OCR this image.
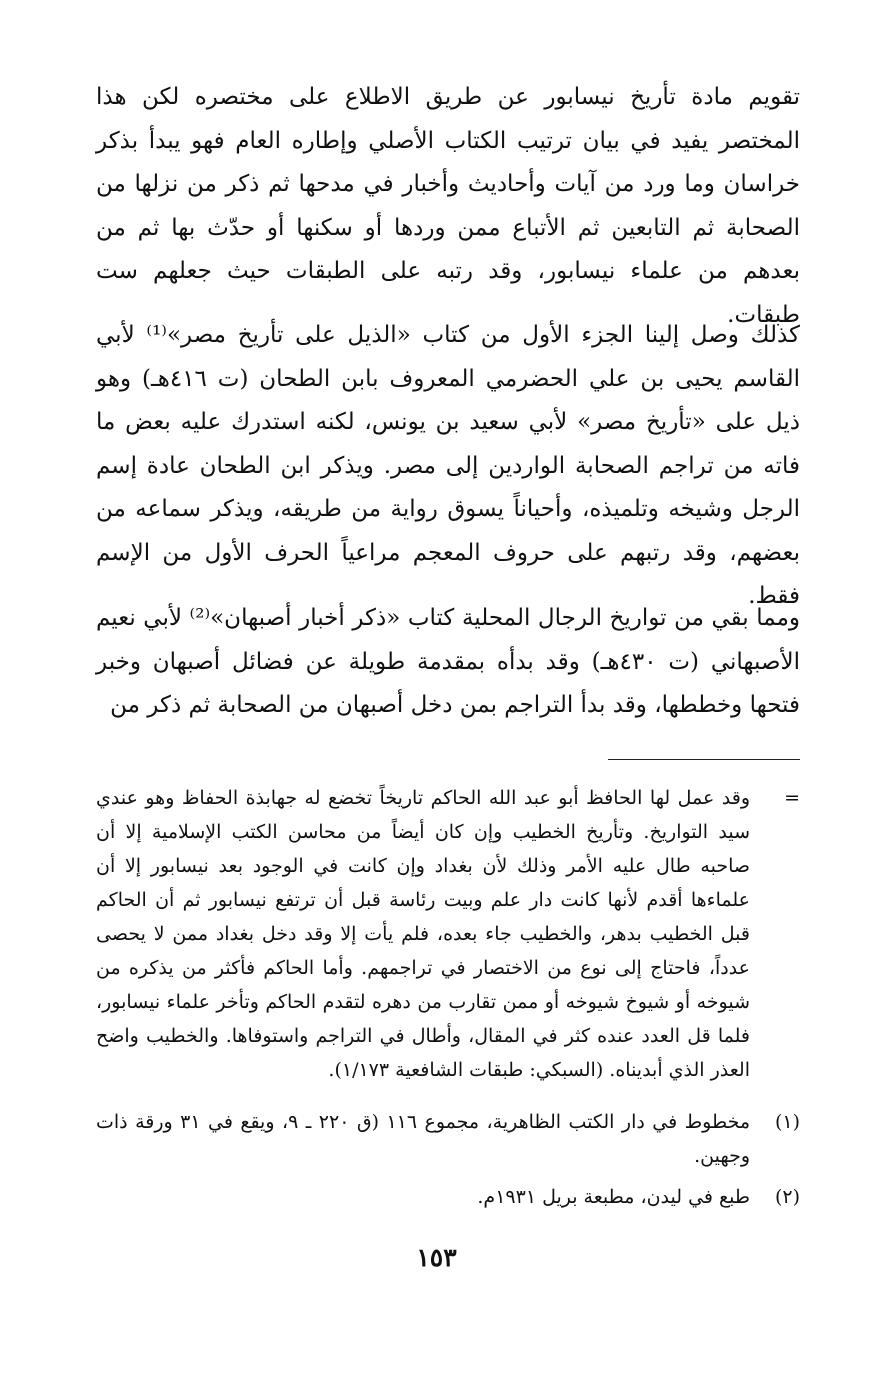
تقويم مادة تأريخ نيسابور عن طريق الاطلاع على مختصره لكن هذا المختصر يفيد في بيان ترتيب الكتاب الأصلي وإطاره العام فهو يبدأ بذكر خراسان وما ورد من آيات وأحاديث وأخبار في مدحها ثم ذكر من نزلها من الصحابة ثم التابعين ثم الأتباع ممن وردها أو سكنها أو حدّث بها ثم من بعدهم من علماء نيسابور، وقد رتبه على الطبقات حيث جعلهم ست طبقات.

كذلك وصل إلينا الجزء الأول من كتاب «الذيل على تأريخ مصر»⁽¹⁾ لأبي القاسم يحيى بن علي الحضرمي المعروف بابن الطحان (ت ٤١٦هـ) وهو ذيل على «تأريخ مصر» لأبي سعيد بن يونس، لكنه استدرك عليه بعض ما فاته من تراجم الصحابة الواردين إلى مصر. ويذكر ابن الطحان عادة إسم الرجل وشيخه وتلميذه، وأحياناً يسوق رواية من طريقه، ويذكر سماعه من بعضهم، وقد رتبهم على حروف المعجم مراعياً الحرف الأول من الإسم فقط.

ومما بقي من تواريخ الرجال المحلية كتاب «ذكر أخبار أصبهان»⁽²⁾ لأبي نعيم الأصبهاني (ت ٤٣٠هـ) وقد بدأه بمقدمة طويلة عن فضائل أصبهان وخبر فتحها وخططها، وقد بدأ التراجم بمن دخل أصبهان من الصحابة ثم ذكر من

=
وقد عمل لها الحافظ أبو عبد الله الحاكم تاريخاً تخضع له جهابذة الحفاظ وهو عندي سيد التواريخ. وتأريخ الخطيب وإن كان أيضاً من محاسن الكتب الإسلامية إلا أن صاحبه طال عليه الأمر وذلك لأن بغداد وإن كانت في الوجود بعد نيسابور إلا أن علماءها أقدم لأنها كانت دار علم وبيت رئاسة قبل أن ترتفع نيسابور ثم أن الحاكم قبل الخطيب بدهر، والخطيب جاء بعده، فلم يأت إلا وقد دخل بغداد ممن لا يحصى عدداً، فاحتاج إلى نوع من الاختصار في تراجمهم. وأما الحاكم فأكثر من يذكره من شيوخه أو شيوخ شيوخه أو ممن تقارب من دهره لتقدم الحاكم وتأخر علماء نيسابور، فلما قل العدد عنده كثر في المقال، وأطال في التراجم واستوفاها. والخطيب واضح العذر الذي أبديناه. (السبكي: طبقات الشافعية ١/١٧٣).
(١)
مخطوط في دار الكتب الظاهرية، مجموع ١١٦ (ق ٢٢٠ ـ ٩، ويقع في ٣١ ورقة ذات وجهين.
(٢)
طبع في ليدن، مطبعة بريل ١٩٣١م.
١٥٣
